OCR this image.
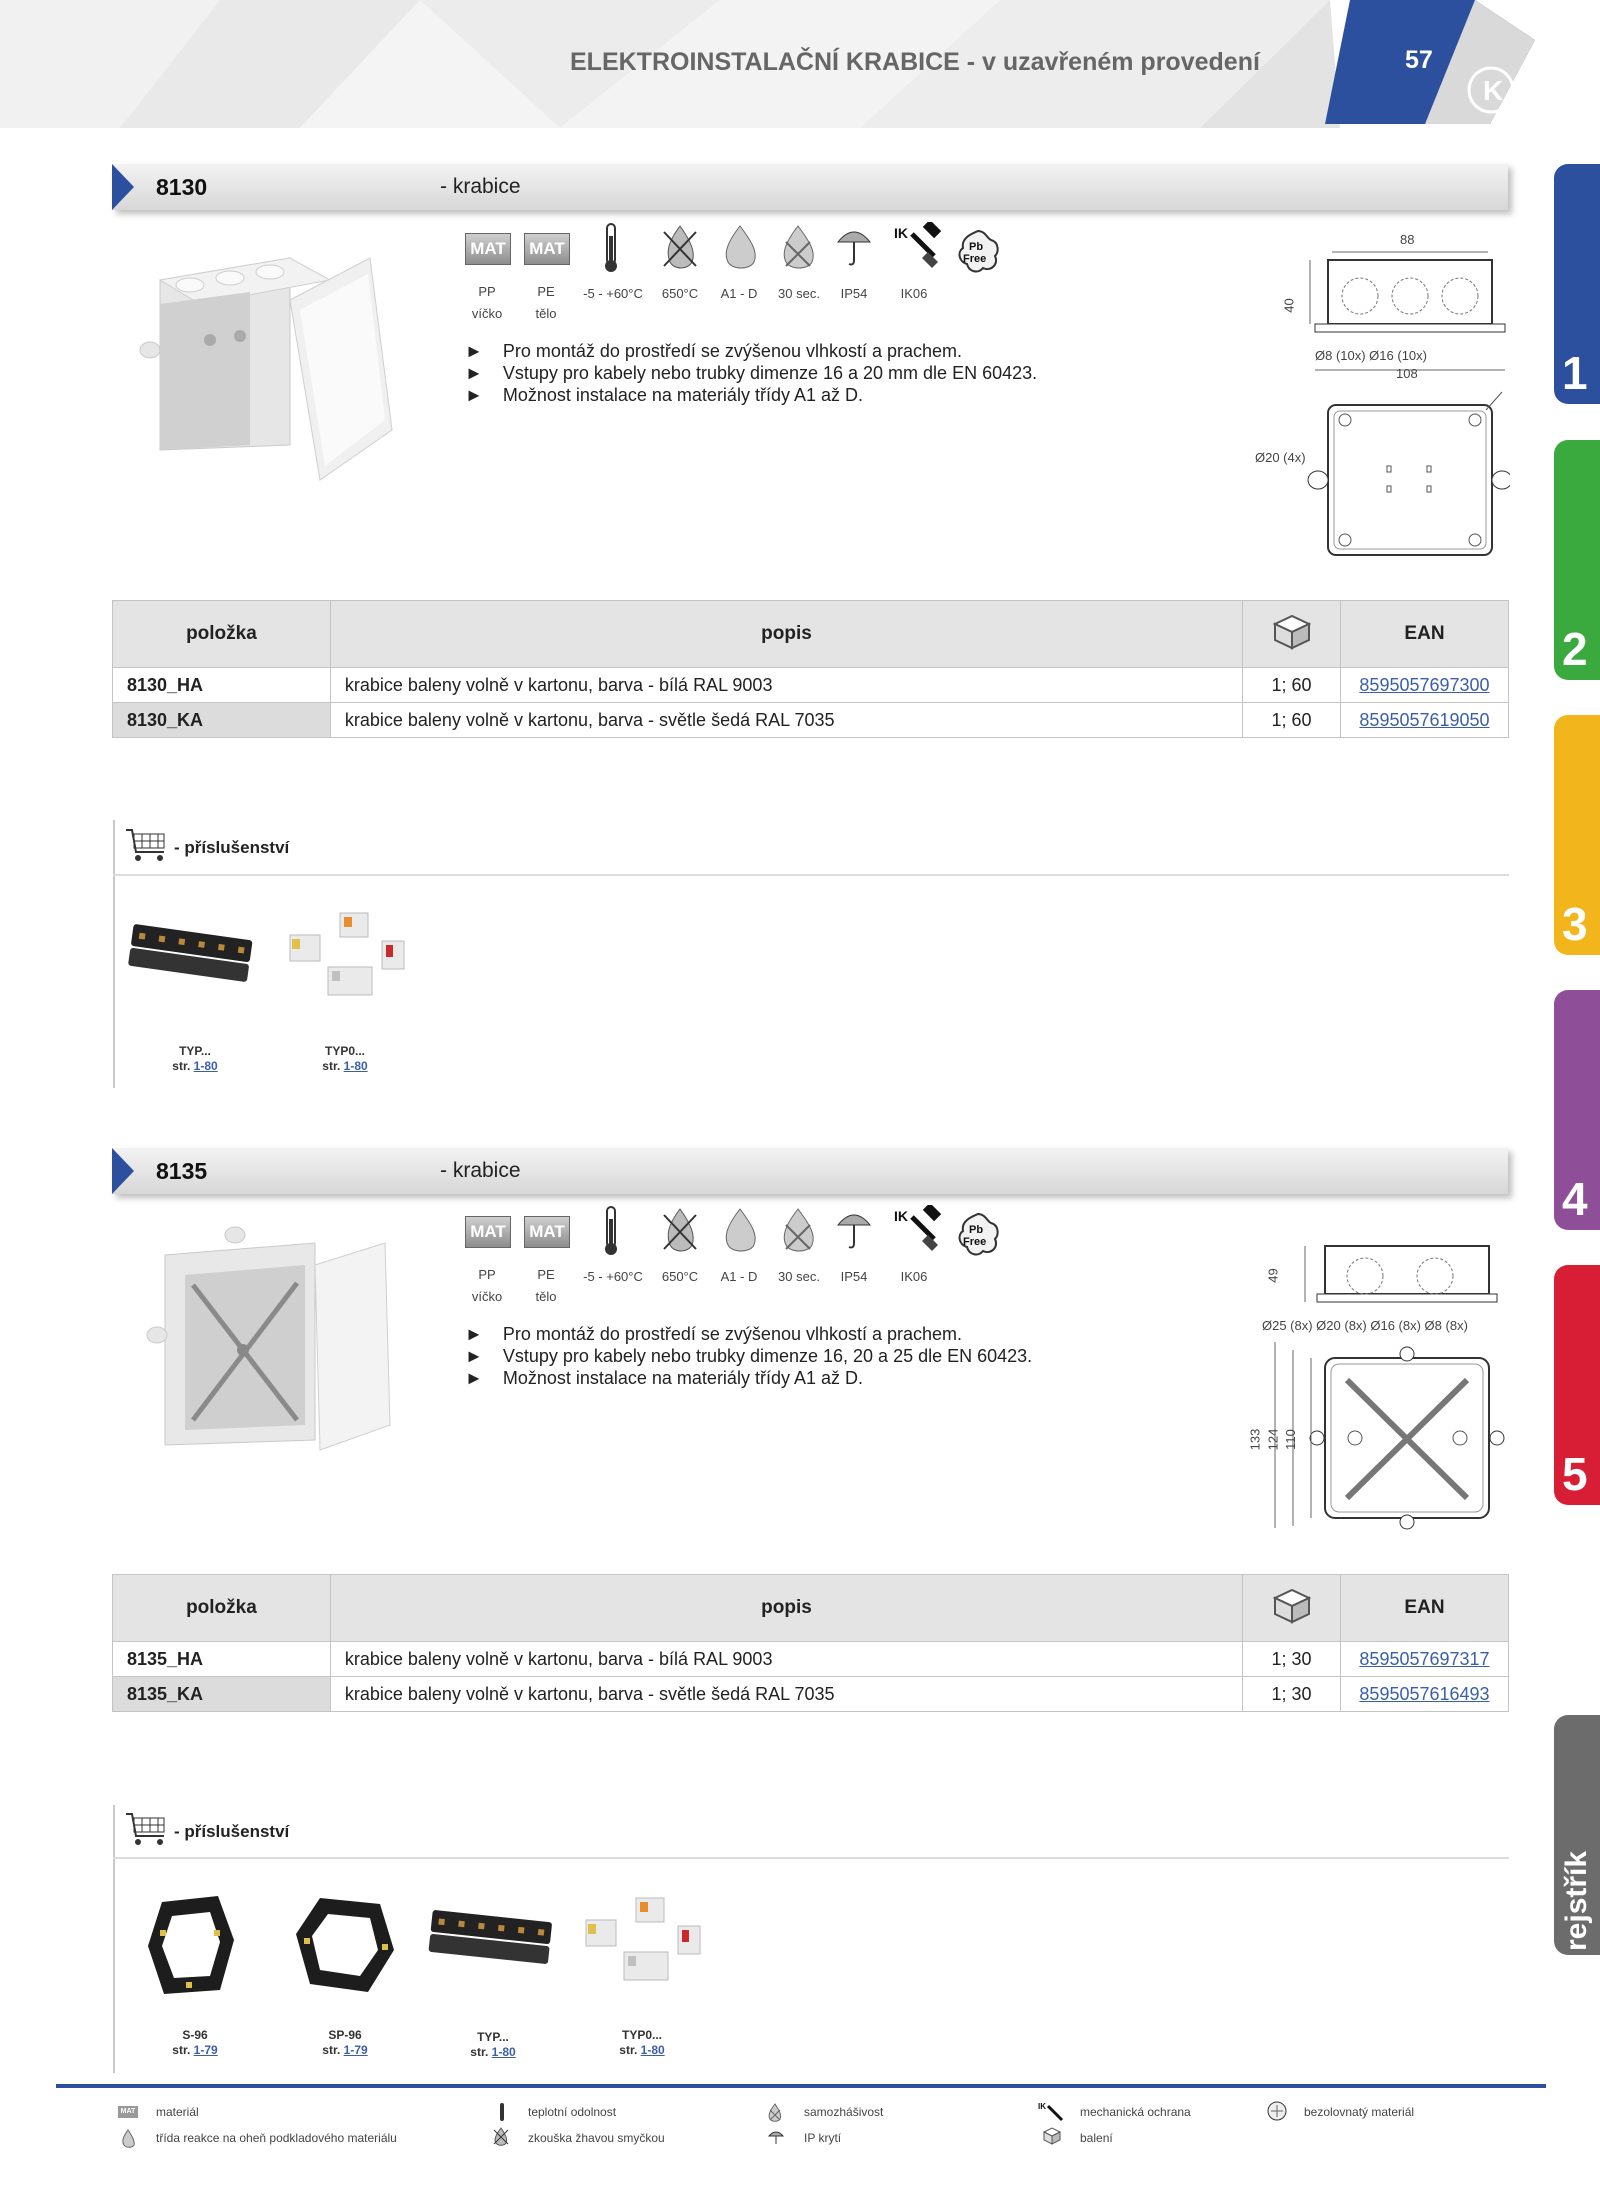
K
ELEKTROINSTALAČNÍ KRABICE - v uzavřeném provedení	57
1
2
3
4
5
rejstřík
8130	- krabice
MAT	MAT
IK
Pb
Free
PP
víčko
PE
tělo
-5 - +60°C	650°C	A1 - D	30 sec.	IP54	IK06
►    Pro montáž do prostředí se zvýšenou vlhkostí a prachem.
►    Vstupy pro kabely nebo trubky dimenze 16 a 20 mm dle EN 60423.
►    Možnost instalace na materiály třídy A1 až D.
88
40
Ø8 (10x) Ø16 (10x)
108
Ø20 (4x)
položka	popis		EAN
8130_HA	krabice baleny volně v kartonu, barva - bílá RAL 9003	1; 60	8595057697300
8130_KA	krabice baleny volně v kartonu, barva - světle šedá RAL 7035	1; 60	8595057619050
- příslušenství
TYP...
str. 1-80
TYP0...
str. 1-80
8135	- krabice
MAT	MAT
IK
Pb
Free
PP
víčko
PE
tělo
-5 - +60°C	650°C	A1 - D	30 sec.	IP54	IK06
►    Pro montáž do prostředí se zvýšenou vlhkostí a prachem.
►    Vstupy pro kabely nebo trubky dimenze 16, 20 a 25 dle EN 60423.
►    Možnost instalace na materiály třídy A1 až D.
49
Ø25 (8x) Ø20 (8x) Ø16 (8x) Ø8 (8x)
133 124 110
položka	popis		EAN
8135_HA	krabice baleny volně v kartonu, barva - bílá RAL 9003	1; 30	8595057697317
8135_KA	krabice baleny volně v kartonu, barva - světle šedá RAL 7035	1; 30	8595057616493
- příslušenství
S-96
str. 1-79
SP-96
str. 1-79
TYP...
str. 1-80
TYP0...
str. 1-80
MAT materiál
třída reakce na oheň podkladového materiálu
teplotní odolnost
zkouška žhavou smyčkou
samozhášivost
IP krytí
IK	mechanická ochrana
balení
bezolovnatý materiál
